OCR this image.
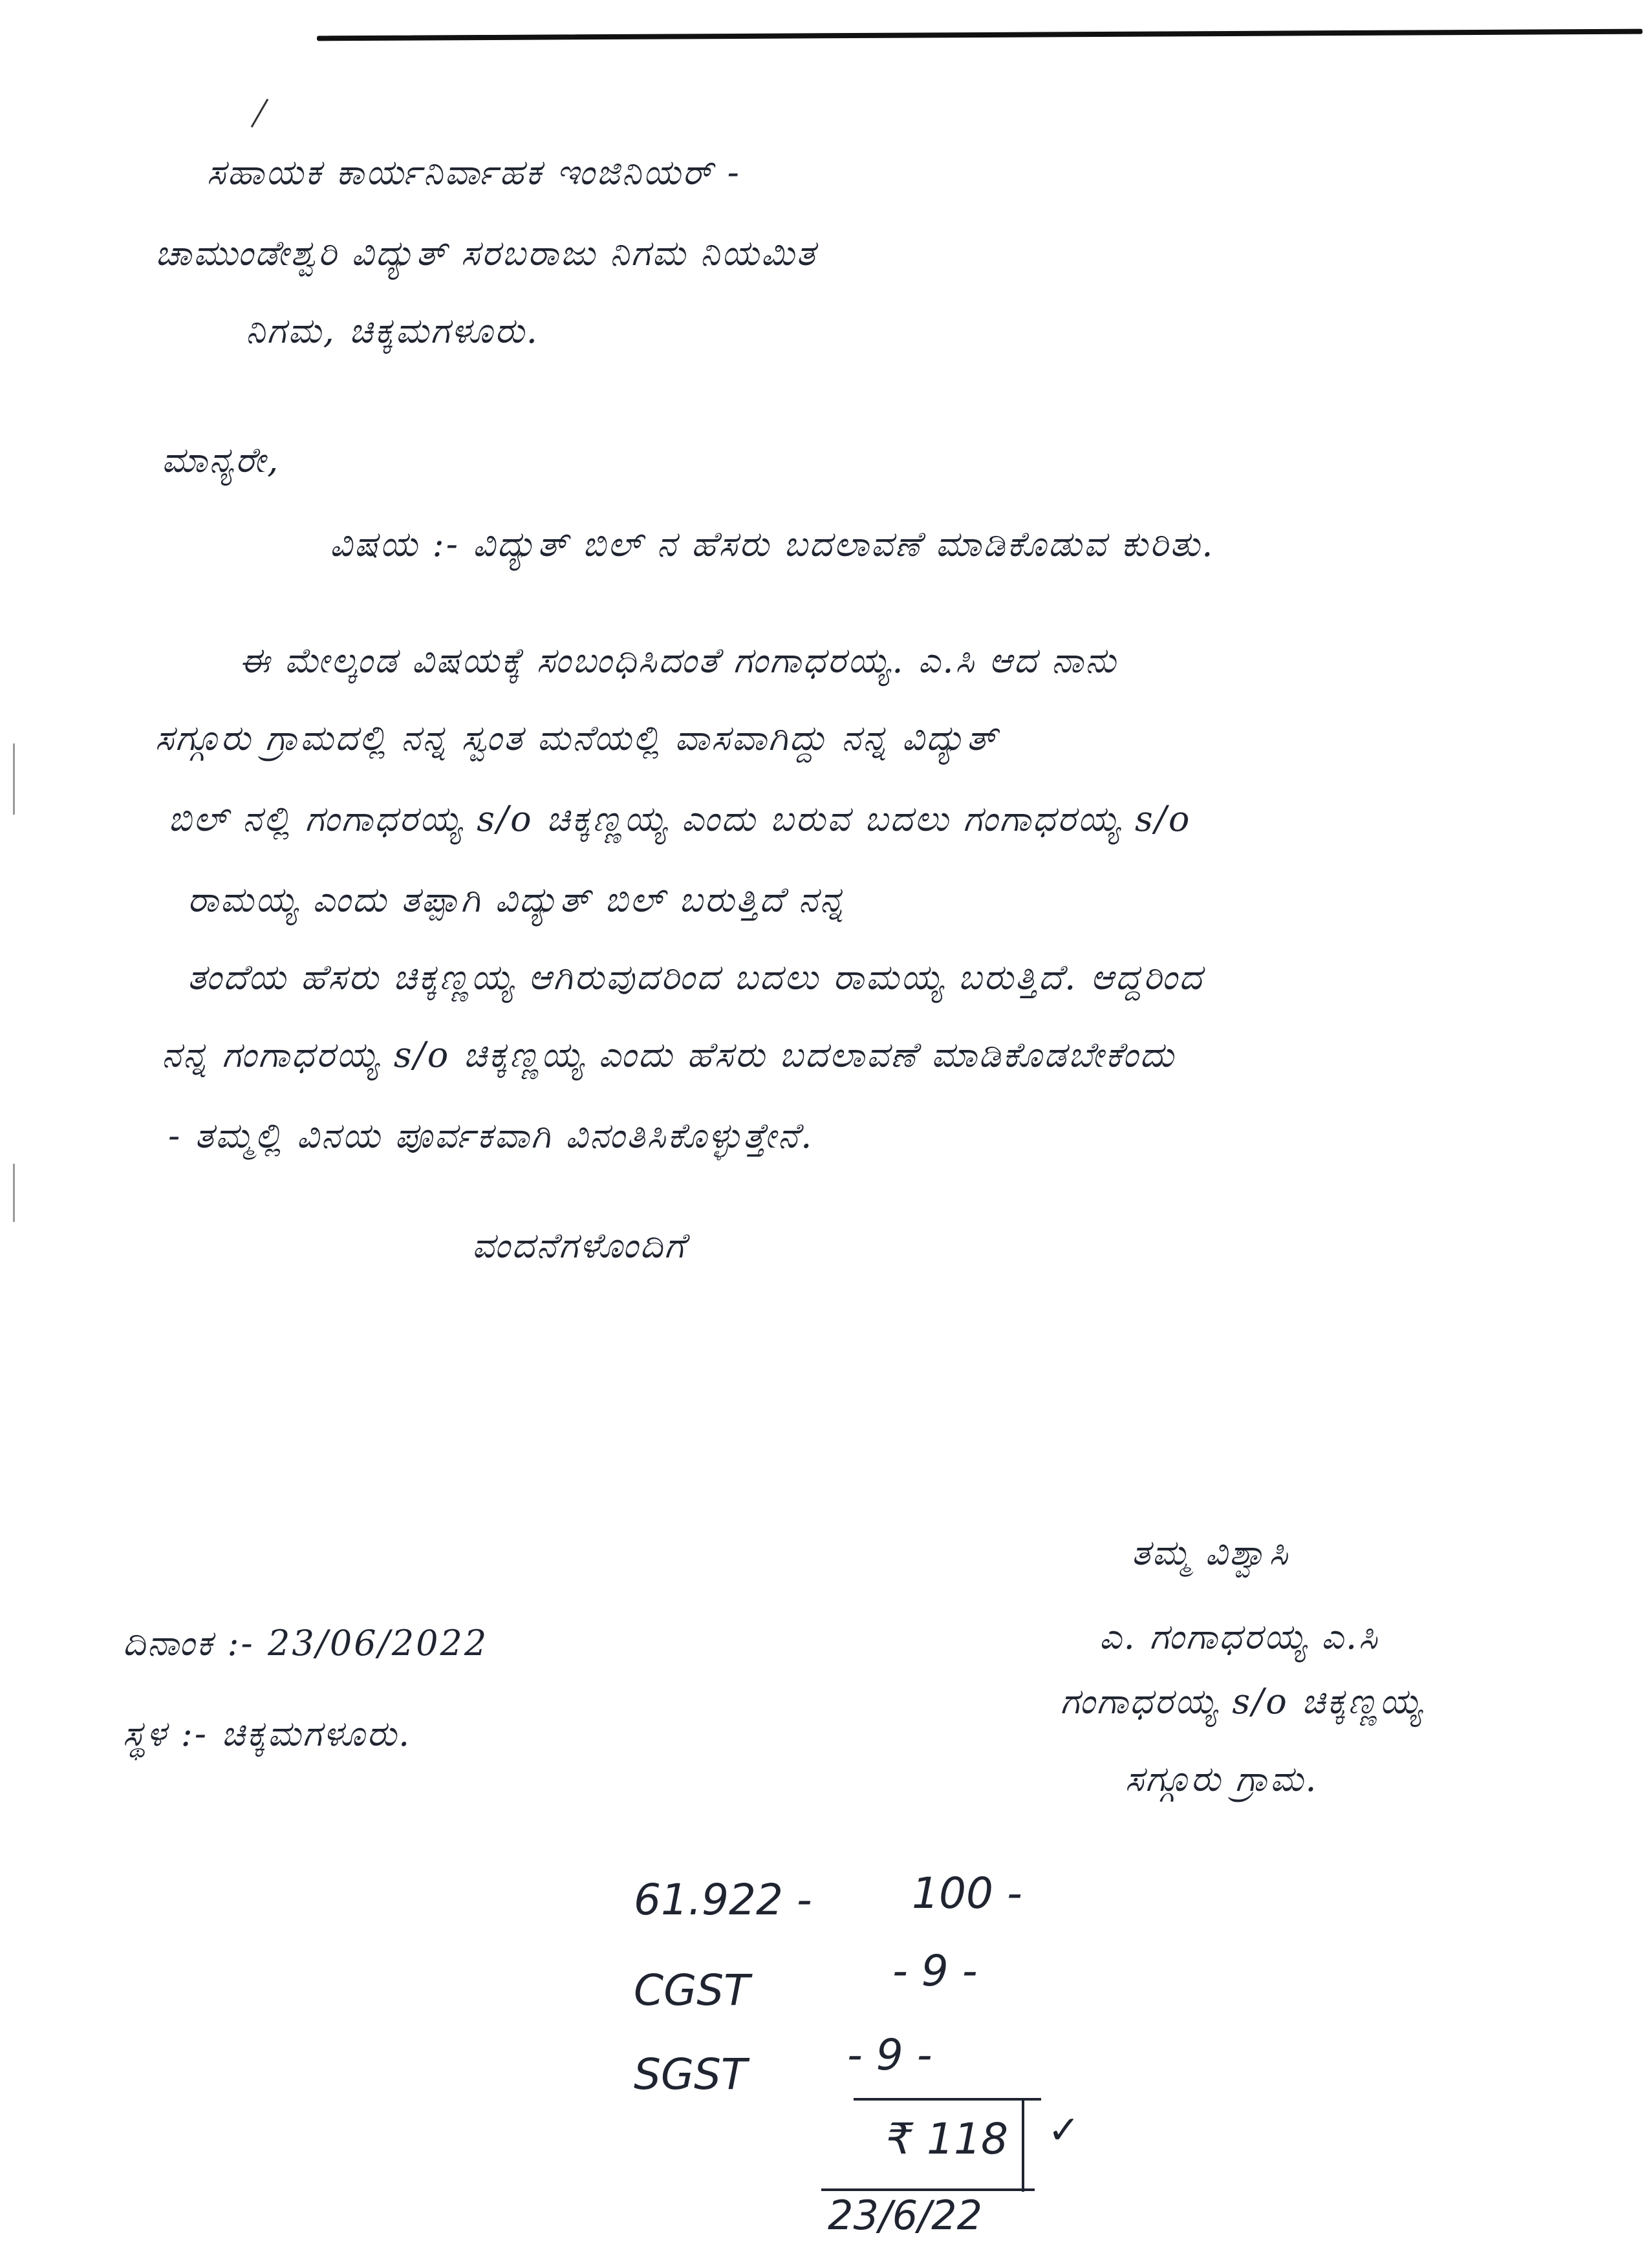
ಸಹಾಯಕ ಕಾರ್ಯನಿರ್ವಾಹಕ ಇಂಜಿನಿಯರ್ -

ಚಾಮುಂಡೇಶ್ವರಿ ವಿದ್ಯುತ್ ಸರಬರಾಜು ನಿಗಮ ನಿಯಮಿತ

ನಿಗಮ, ಚಿಕ್ಕಮಗಳೂರು.

ಮಾನ್ಯರೇ,

ವಿಷಯ :- ವಿದ್ಯುತ್ ಬಿಲ್ ನ ಹೆಸರು ಬದಲಾವಣೆ ಮಾಡಿಕೊಡುವ ಕುರಿತು.

ಈ ಮೇಲ್ಕಂಡ ವಿಷಯಕ್ಕೆ ಸಂಬಂಧಿಸಿದಂತೆ ಗಂಗಾಧರಯ್ಯ. ಎ.ಸಿ ಆದ ನಾನು

ಸಗ್ಗೂರು ಗ್ರಾಮದಲ್ಲಿ ನನ್ನ ಸ್ವಂತ ಮನೆಯಲ್ಲಿ ವಾಸವಾಗಿದ್ದು ನನ್ನ ವಿದ್ಯುತ್

ಬಿಲ್ ನಲ್ಲಿ ಗಂಗಾಧರಯ್ಯ s/o ಚಿಕ್ಕಣ್ಣಯ್ಯ ಎಂದು ಬರುವ ಬದಲು ಗಂಗಾಧರಯ್ಯ s/o

ರಾಮಯ್ಯ ಎಂದು ತಪ್ಪಾಗಿ ವಿದ್ಯುತ್ ಬಿಲ್ ಬರುತ್ತಿದೆ ನನ್ನ

ತಂದೆಯ ಹೆಸರು ಚಿಕ್ಕಣ್ಣಯ್ಯ ಆಗಿರುವುದರಿಂದ ಬದಲು ರಾಮಯ್ಯ ಬರುತ್ತಿದೆ. ಆದ್ದರಿಂದ

ನನ್ನ ಗಂಗಾಧರಯ್ಯ s/o ಚಿಕ್ಕಣ್ಣಯ್ಯ ಎಂದು ಹೆಸರು ಬದಲಾವಣೆ ಮಾಡಿಕೊಡಬೇಕೆಂದು

- ತಮ್ಮಲ್ಲಿ ವಿನಯ ಪೂರ್ವಕವಾಗಿ ವಿನಂತಿಸಿಕೊಳ್ಳುತ್ತೇನೆ.

ವಂದನೆಗಳೊಂದಿಗೆ

ದಿನಾಂಕ :- 23/06/2022

ಸ್ಥಳ :- ಚಿಕ್ಕಮಗಳೂರು.

ತಮ್ಮ ವಿಶ್ವಾಸಿ

ಎ. ಗಂಗಾಧರಯ್ಯ ಎ.ಸಿ

ಗಂಗಾಧರಯ್ಯ s/o ಚಿಕ್ಕಣ್ಣಯ್ಯ

ಸಗ್ಗೂರು ಗ್ರಾಮ.

61.922 - 100 -
CGST	- 9 -
SGST - 9 -
₹ 118 ✓
23/6/22
